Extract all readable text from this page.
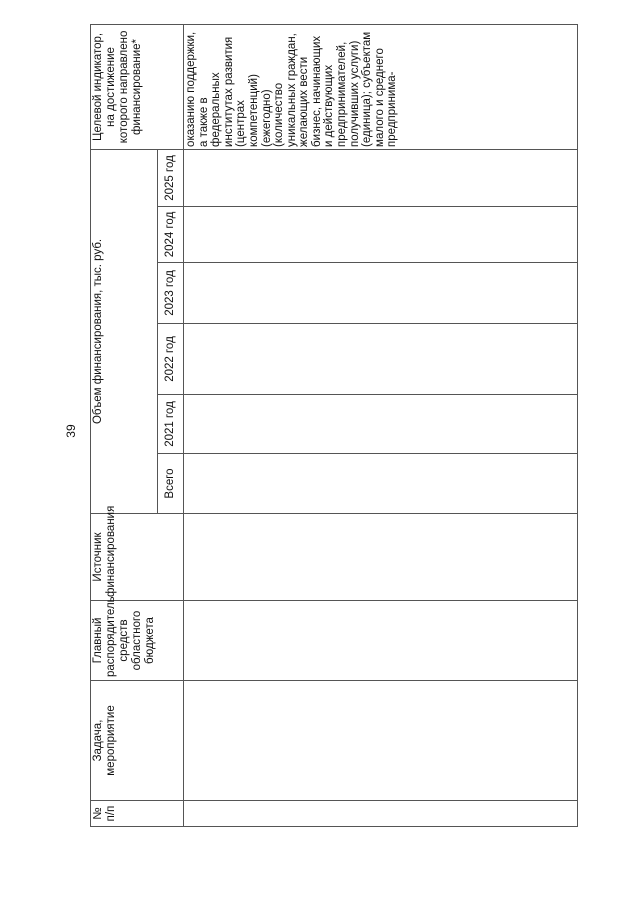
39
№ п/п	Задача, мероприятие	Главный распорядитель средств областного бюджета	Источник финансирования	Объем финансирования, тыс. руб.						Целевой индикатор, на достижение которого направлено финансирование*
				Всего	2021 год	2022 год	2023 год	2024 год	2025 год	
										оказанию поддержки, а также в федеральных институтах развития (центрах компетенций) (ежегодно) (количество уникальных граждан, желающих вести бизнес, начинающих и действующих предпринимателей, получивших услуги) (единица); субъектам малого и среднего предпринима-
